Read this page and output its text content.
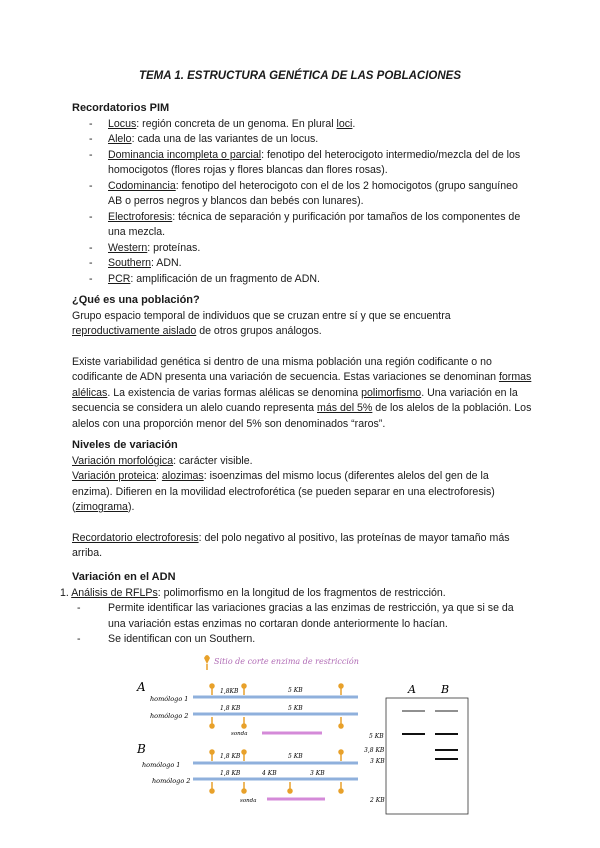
TEMA 1. ESTRUCTURA GENÉTICA DE LAS POBLACIONES
Recordatorios PIM
- Locus: región concreta de un genoma. En plural loci.
- Alelo: cada una de las variantes de un locus.
- Dominancia incompleta o parcial: fenotipo del heterocigoto intermedio/mezcla del de los homocigotos (flores rojas y flores blancas dan flores rosas).
- Codominancia: fenotipo del heterocigoto con el de los 2 homocigotos (grupo sanguíneo AB o perros negros y blancos dan bebés con lunares).
- Electroforesis: técnica de separación y purificación por tamaños de los componentes de una mezcla.
- Western: proteínas.
- Southern: ADN.
- PCR: amplificación de un fragmento de ADN.
¿Qué es una población?

Grupo espacio temporal de individuos que se cruzan entre sí y que se encuentra reproductivamente aislado de otros grupos análogos.

Existe variabilidad genética si dentro de una misma población una región codificante o no codificante de ADN presenta una variación de secuencia. Estas variaciones se denominan formas alélicas. La existencia de varias formas alélicas se denomina polimorfismo. Una variación en la secuencia se considera un alelo cuando representa más del 5% de los alelos de la población. Los alelos con una proporción menor del 5% son denominados “raros”.

Niveles de variación

Variación morfológica: carácter visible.

Variación proteica: alozimas: isoenzimas del mismo locus (diferentes alelos del gen de la enzima). Difieren en la movilidad electroforética (se pueden separar en una electroforesis) (zimograma).

Recordatorio electroforesis: del polo negativo al positivo, las proteínas de mayor tamaño más arriba.

Variación en el ADN

1. Análisis de RFLPs: polimorfismo en la longitud de los fragmentos de restricción.

- Permite identificar las variaciones gracias a las enzimas de restricción, ya que si se da una variación estas enzimas no cortaran donde anteriormente lo hacían.
- Se identifican con un Southern.
Sitio de corte enzima de restricción
A
homólogo 1
homólogo 2
1,8KB	5 KB
5 KB
1,8 KB
sonda
B
homólogo 1
homólogo 2
1,8 KB	5 KB
1,8 KB	4 KB	3 KB
sonda
A B
5 KB
3,8 KB
3 KB
2 KB
